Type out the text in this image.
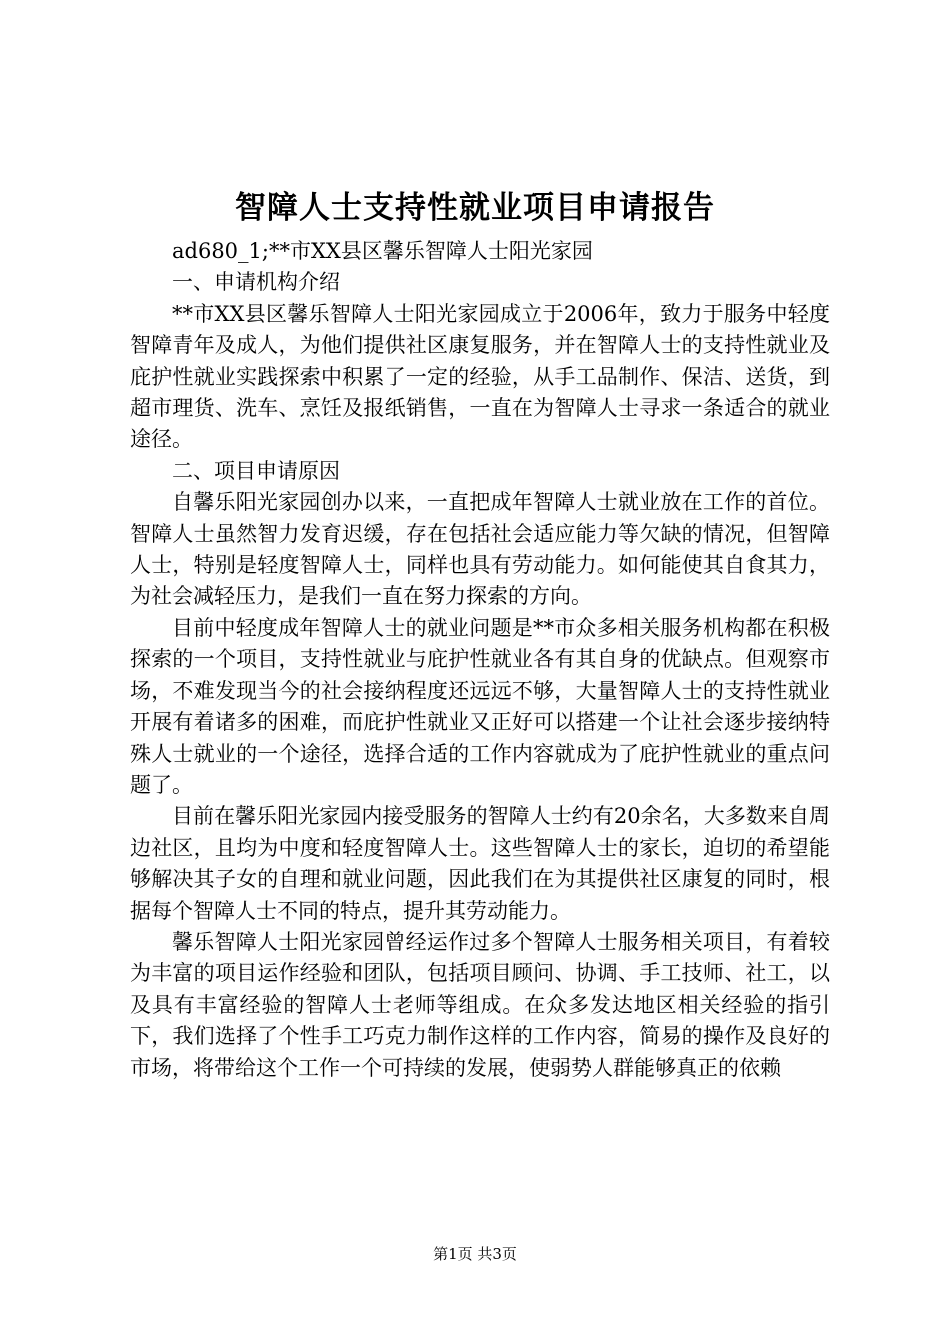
智障人士支持性就业项目申请报告

ad680_1;**市XX县区馨乐智障人士阳光家园

一、申请机构介绍

**市XX县区馨乐智障人士阳光家园成立于2006年，致力于服务中轻度智障青年及成人，为他们提供社区康复服务，并在智障人士的支持性就业及庇护性就业实践探索中积累了一定的经验，从手工品制作、保洁、送货，到超市理货、洗车、烹饪及报纸销售，一直在为智障人士寻求一条适合的就业途径。

二、项目申请原因

自馨乐阳光家园创办以来，一直把成年智障人士就业放在工作的首位。智障人士虽然智力发育迟缓，存在包括社会适应能力等欠缺的情况，但智障人士，特别是轻度智障人士，同样也具有劳动能力。如何能使其自食其力，为社会减轻压力，是我们一直在努力探索的方向。

目前中轻度成年智障人士的就业问题是**市众多相关服务机构都在积极探索的一个项目，支持性就业与庇护性就业各有其自身的优缺点。但观察市场，不难发现当今的社会接纳程度还远远不够，大量智障人士的支持性就业开展有着诸多的困难，而庇护性就业又正好可以搭建一个让社会逐步接纳特殊人士就业的一个途径，选择合适的工作内容就成为了庇护性就业的重点问题了。

目前在馨乐阳光家园内接受服务的智障人士约有20余名，大多数来自周边社区，且均为中度和轻度智障人士。这些智障人士的家长，迫切的希望能够解决其子女的自理和就业问题，因此我们在为其提供社区康复的同时，根据每个智障人士不同的特点，提升其劳动能力。

馨乐智障人士阳光家园曾经运作过多个智障人士服务相关项目，有着较为丰富的项目运作经验和团队，包括项目顾问、协调、手工技师、社工，以及具有丰富经验的智障人士老师等组成。在众多发达地区相关经验的指引下，我们选择了个性手工巧克力制作这样的工作内容，简易的操作及良好的市场，将带给这个工作一个可持续的发展，使弱势人群能够真正的依赖

第1页 共3页
